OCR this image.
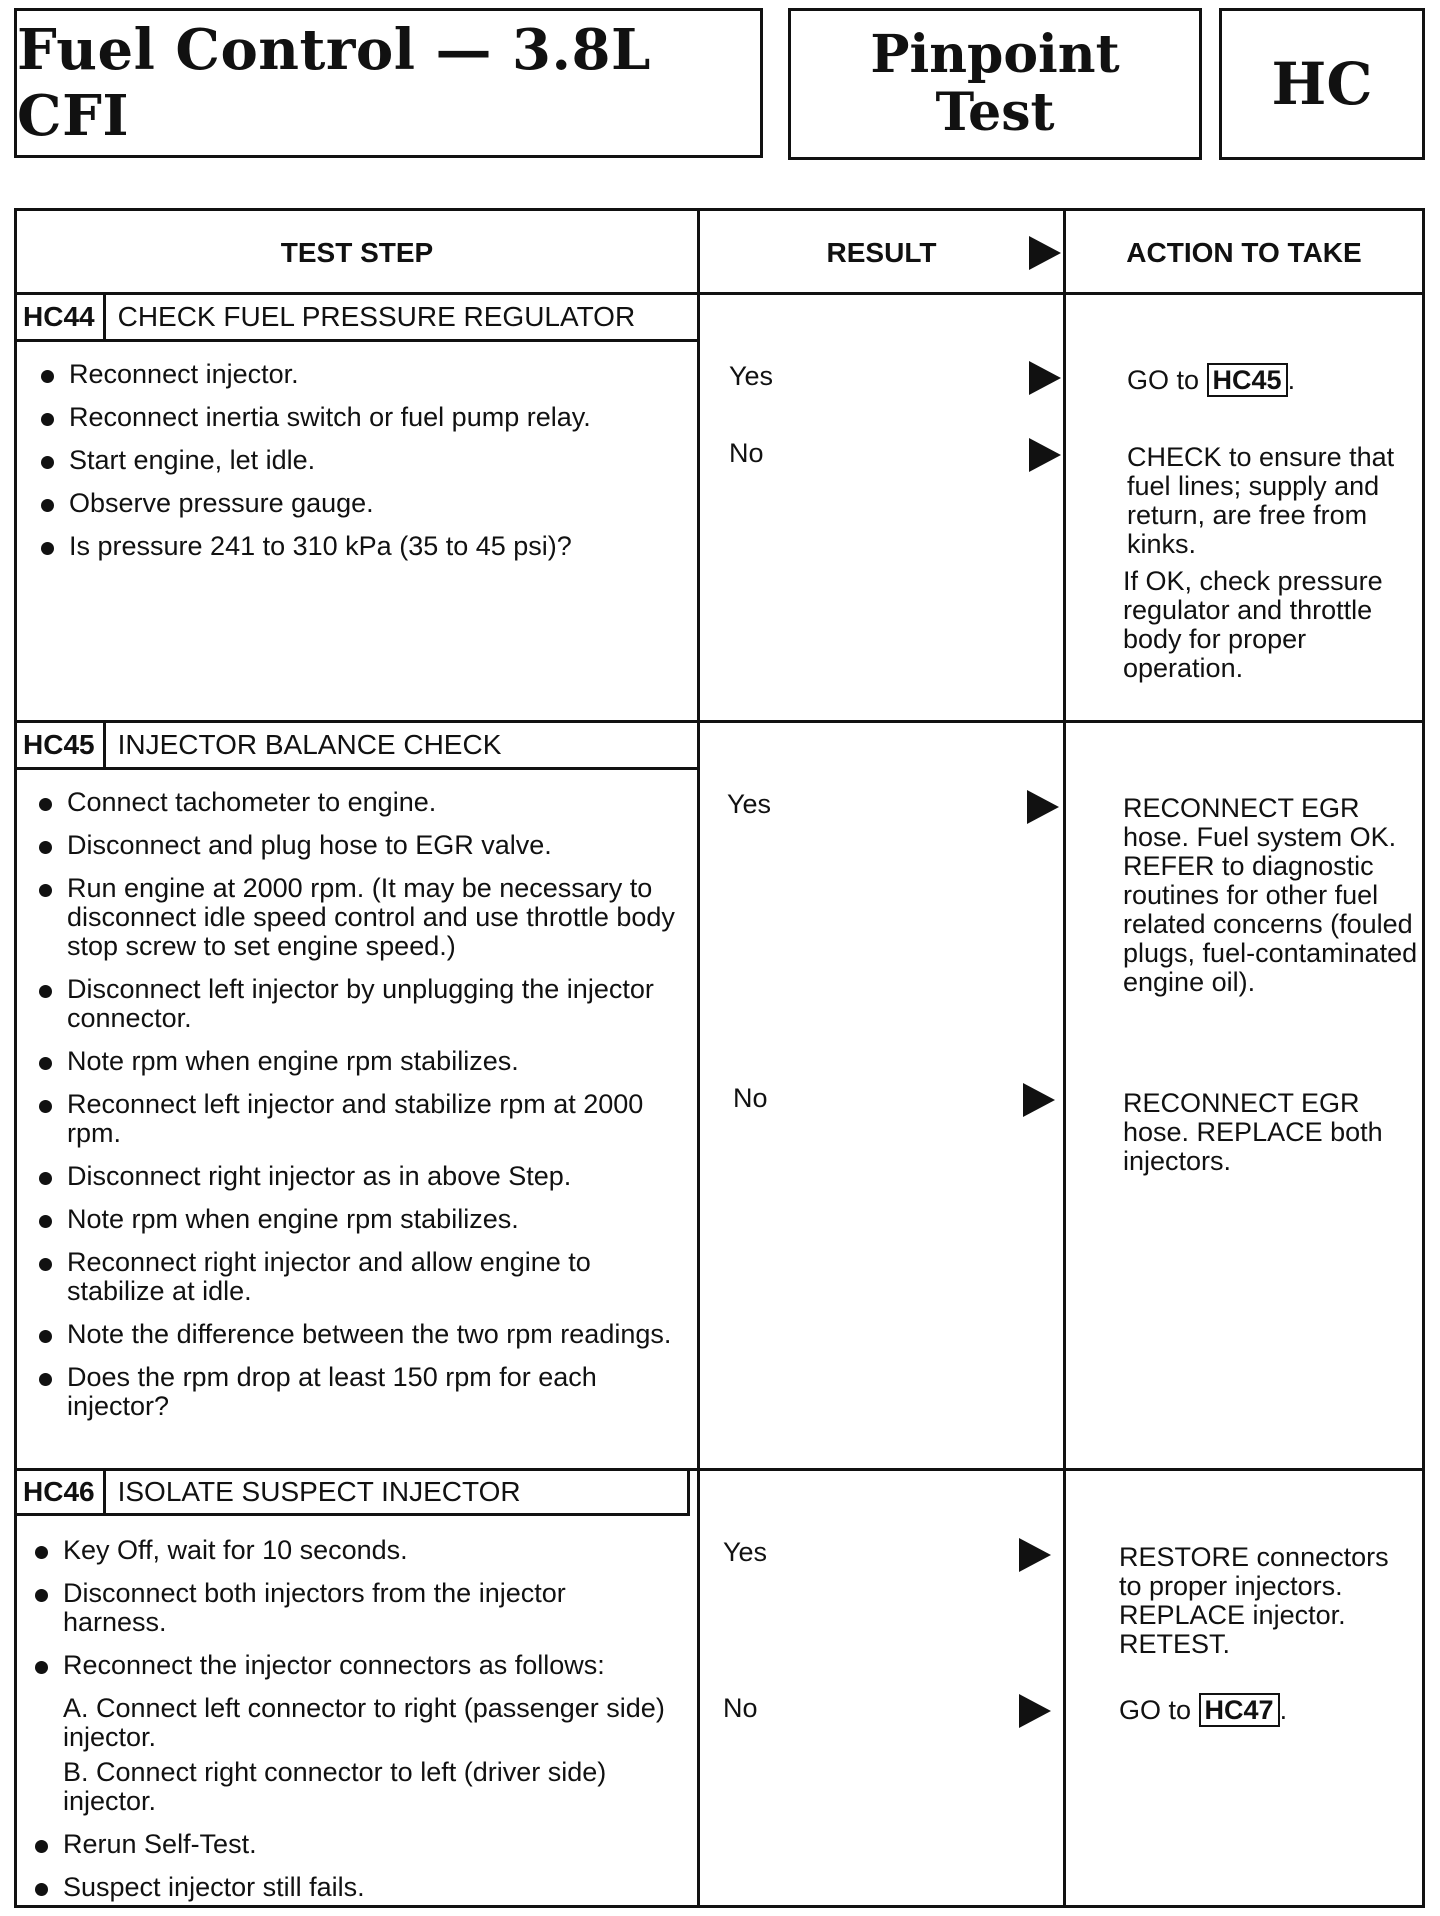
Fuel Control — 3.8L CFI
Pinpoint
Test	HC
TEST STEP	RESULT	ACTION TO TAKE
HC44 CHECK FUEL PRESSURE REGULATOR
Reconnect injector.
Reconnect inertia switch or fuel pump relay.
Start engine, let idle.
Observe pressure gauge.
Is pressure 241 to 310 kPa (35 to 45 psi)?
Yes	GO to HC45 .
No	CHECK to ensure that fuel lines; supply and return, are free from kinks.

If OK, check pressure regulator and throttle body for proper operation.

HC45 INJECTOR BALANCE CHECK
Connect tachometer to engine.
Disconnect and plug hose to EGR valve.
Run engine at 2000 rpm. (It may be necessary to disconnect idle speed control and use throttle body stop screw to set engine speed.)
Disconnect left injector by unplugging the injector connector.
Note rpm when engine rpm stabilizes.
Reconnect left injector and stabilize rpm at 2000 rpm.
Disconnect right injector as in above Step.
Note rpm when engine rpm stabilizes.
Reconnect right injector and allow engine to stabilize at idle.
Note the difference between the two rpm readings.
Does the rpm drop at least 150 rpm for each injector?
Yes	RECONNECT EGR hose. Fuel system OK. REFER to diagnostic routines for other fuel related concerns (fouled plugs, fuel-contaminated engine oil).
No	RECONNECT EGR hose. REPLACE both injectors.
HC46 ISOLATE SUSPECT INJECTOR
Key Off, wait for 10 seconds.
Disconnect both injectors from the injector harness.
Reconnect the injector connectors as follows:
A. Connect left connector to right (passenger side) injector.
B. Connect right connector to left (driver side) injector.
Rerun Self-Test.
Suspect injector still fails.
Yes	RESTORE connectors to proper injectors. REPLACE injector. RETEST.
No	GO to HC47 .
